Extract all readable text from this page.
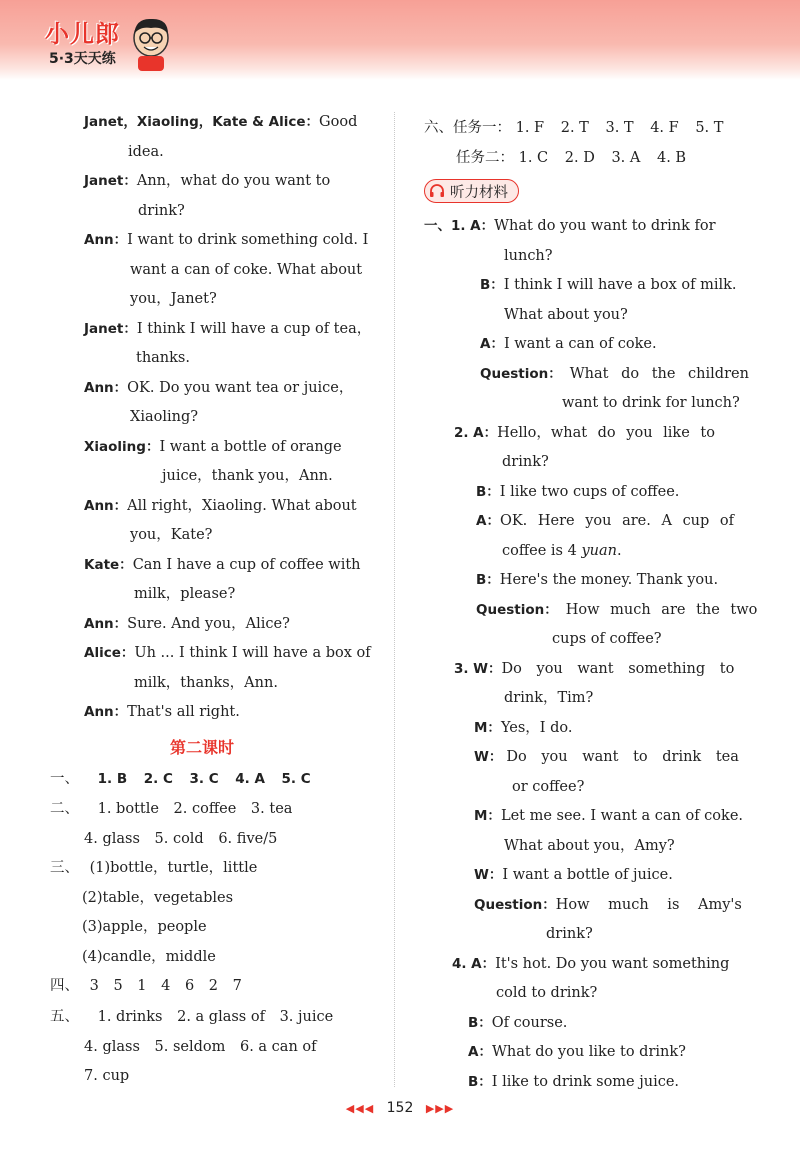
小儿郎
5·3天天练
Janet，Xiaoling，Kate & Alice：Good
idea.
Janet：Ann，what do you want to
drink?
Ann：I want to drink something cold. I
want a can of coke. What about
you，Janet?
Janet：I think I will have a cup of tea，
thanks.
Ann：OK. Do you want tea or juice，
Xiaoling?
Xiaoling：I want a bottle of orange
juice，thank you，Ann.
Ann：All right，Xiaoling. What about
you，Kate?
Kate：Can I have a cup of coffee with
milk，please?
Ann：Sure. And you，Alice?
Alice：Uh ... I think I will have a box of
milk，thanks，Ann.
Ann：That's all right.
第二课时
一、 1. B 2. C 3. C 4. A 5. C
二、 1. bottle 2. coffee 3. tea
4. glass 5. cold 6. five/5
三、 (1)bottle，turtle，little
(2)table，vegetables
(3)apple，people
(4)candle，middle
四、 3 5 1 4 6 2 7
五、 1. drinks 2. a glass of 3. juice
4. glass 5. seldom 6. a can of
7. cup
六、任务一： 1. F 2. T 3. T 4. F 5. T
任务二： 1. C 2. D 3. A 4. B
听力材料
一、1. A：What do you want to drink for
lunch?
B：I think I will have a box of milk.
What about you?
A：I want a can of coke.
Question： What do the children
want to drink for lunch?
2. A：Hello，what do you like to
drink?
B：I like two cups of coffee.
A：OK. Here you are. A cup of
coffee is 4 yuan.
B：Here's the money. Thank you.
Question： How much are the two
cups of coffee?
3. W：Do you want something to
drink，Tim?
M：Yes，I do.
W： Do you want to drink tea
or coffee?
M：Let me see. I want a can of coke.
What about you，Amy?
W：I want a bottle of juice.
Question：How much is Amy's
drink?
4. A：It's hot. Do you want something
cold to drink?
B：Of course.
A：What do you like to drink?
B：I like to drink some juice.
◀◀◀ 152 ▶▶▶
